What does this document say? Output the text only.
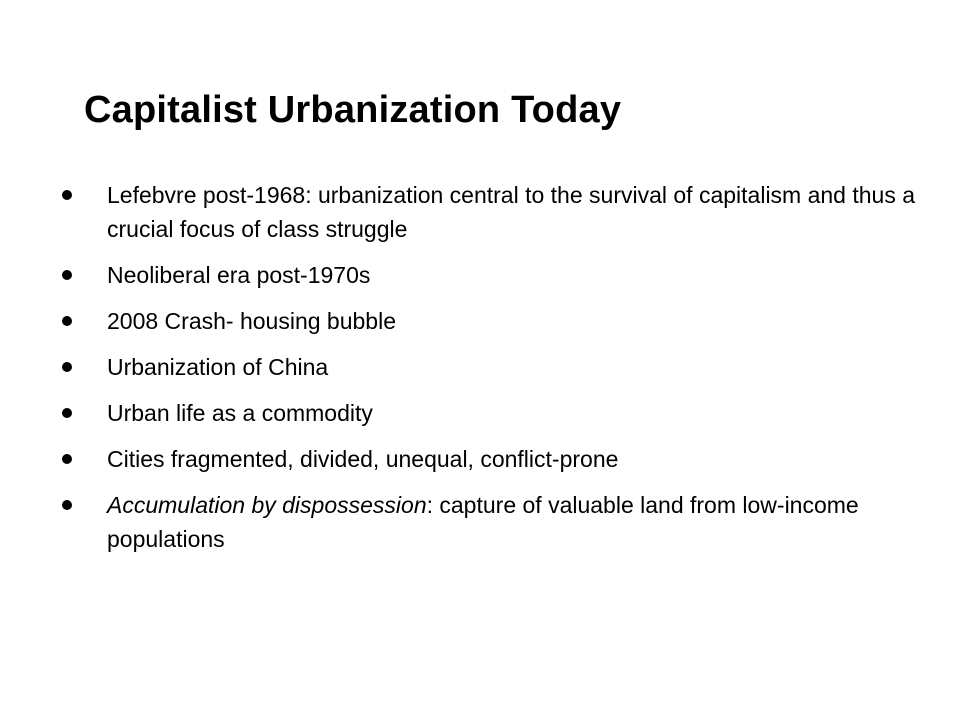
Capitalist Urbanization Today
Lefebvre post-1968: urbanization central to the survival of capitalism and thus a crucial focus of class struggle
Neoliberal era post-1970s
2008 Crash- housing bubble
Urbanization of China
Urban life as a commodity
Cities fragmented, divided, unequal, conflict-prone
Accumulation by dispossession: capture of valuable land from low-income populations
